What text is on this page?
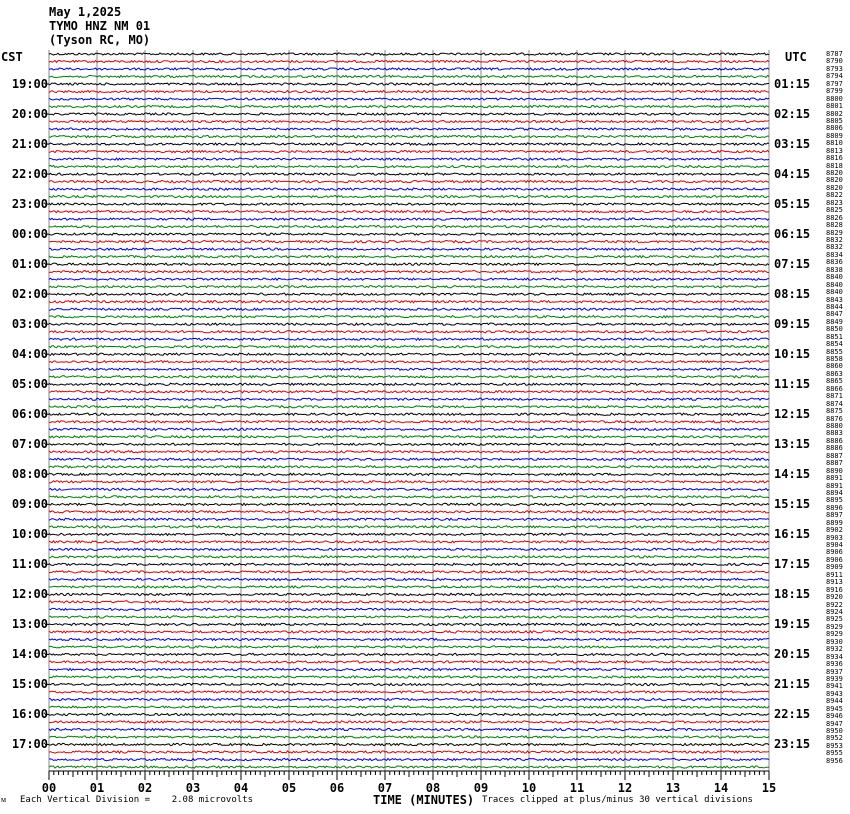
May 1,2025
TYMO HNZ NM 01
(Tyson RC, MO)
CST	UTC
19:00
20:00
21:00
22:00
23:00
00:00
01:00
02:00
03:00
04:00
05:00
06:00
07:00
08:00
09:00
10:00
11:00
12:00
13:00
14:00
15:00
16:00
17:00
01:15
02:15
03:15
04:15
05:15
06:15
07:15
08:15
09:15
10:15
11:15
12:15
13:15
14:15
15:15
16:15
17:15
18:15
19:15
20:15
21:15
22:15
23:15
8787
8790
8793
8794
8797
8799
8800
8801
8802
8805
8806
8809
8810
8813
8816
8818
8820
8820
8820
8822
8823
8825
8826
8828
8829
8832
8832
8834
8836
8838
8840
8840
8840
8843
8844
8847
8849
8850
8851
8854
8855
8858
8860
8863
8865
8866
8871
8874
8875
8876
8880
8883
8886
8886
8887
8887
8890
8891
8891
8894
8895
8896
8897
8899
8902
8903
8904
8906
8906
8909
8911
8913
8916
8920
8922
8924
8925
8929
8929
8930
8932
8934
8936
8937
8939
8941
8943
8944
8945
8946
8947
8950
8952
8953
8955
8956
00	01	02	03	04	05	06	07	08	09	10	11	12	13	14	15
TIME (MINUTES)
ᴍ Each Vertical Division =    2.08 microvolts	Traces clipped at plus/minus 30 vertical divisions
